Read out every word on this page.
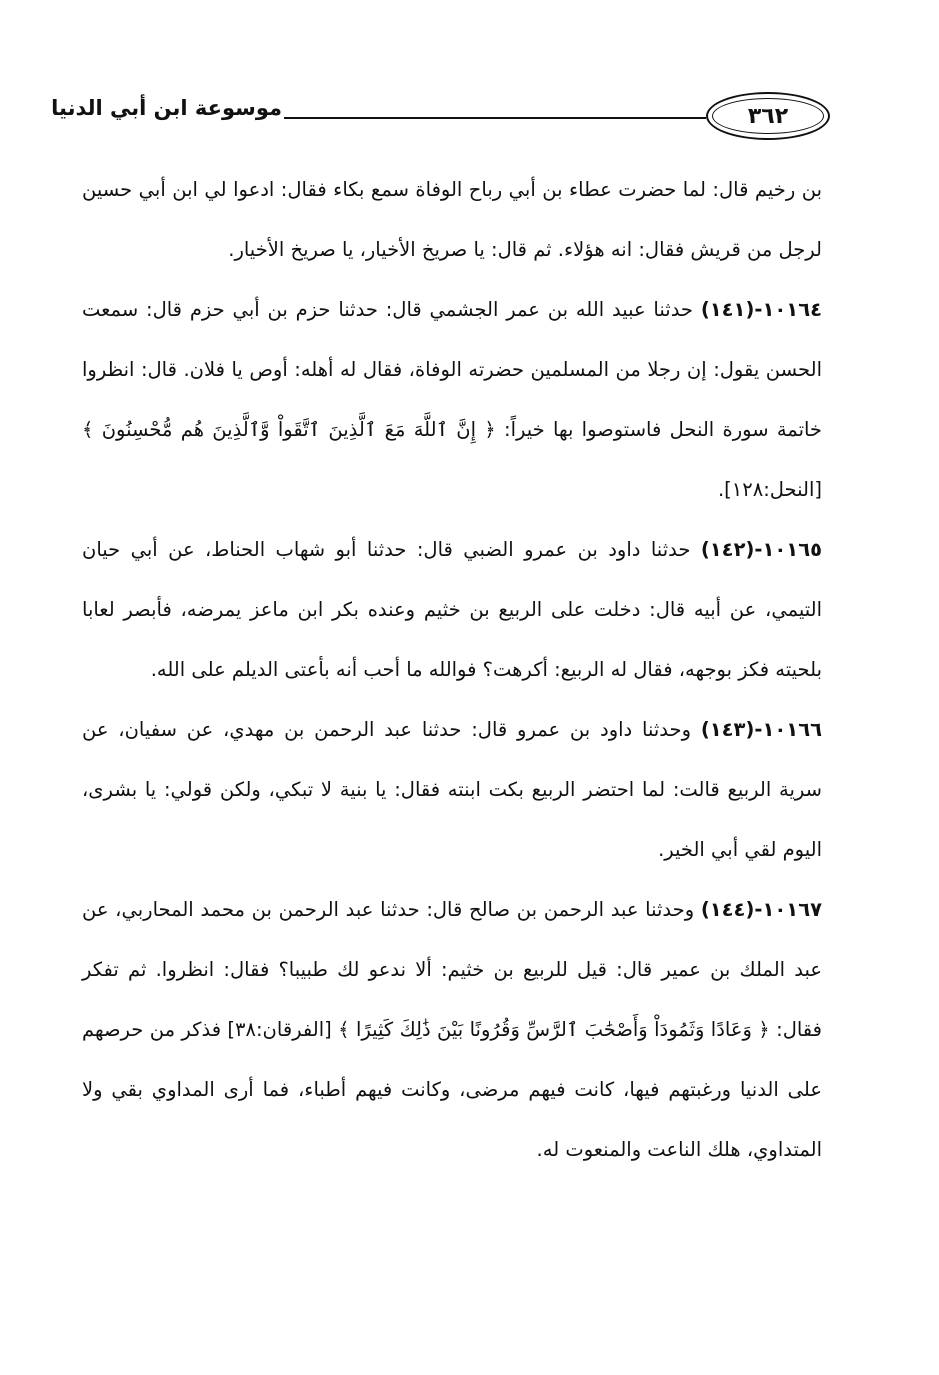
٣٦٢
موسوعة ابن أبي الدنيا

بن رخيم قال: لما حضرت عطاء بن أبي رباح الوفاة سمع بكاء فقال: ادعوا لي ابن أبي حسين لرجل من قريش فقال: انه هؤلاء. ثم قال: يا صريخ الأخيار، يا صريخ الأخيار.

١٠١٦٤-(١٤١) حدثنا عبيد الله بن عمر الجشمي قال: حدثنا حزم بن أبي حزم قال: سمعت الحسن يقول: إن رجلا من المسلمين حضرته الوفاة، فقال له أهله: أوص يا فلان. قال: انظروا خاتمة سورة النحل فاستوصوا بها خيراً: ﴿ إِنَّ ٱللَّهَ مَعَ ٱلَّذِينَ ٱتَّقَواْ وَّٱلَّذِينَ هُم مُّحْسِنُونَ ﴾ [النحل:١٢٨].

١٠١٦٥-(١٤٢) حدثنا داود بن عمرو الضبي قال: حدثنا أبو شهاب الحناط، عن أبي حيان التيمي، عن أبيه قال: دخلت على الربيع بن خثيم وعنده بكر ابن ماعز يمرضه، فأبصر لعابا بلحيته فكز بوجهه، فقال له الربيع: أكرهت؟ فوالله ما أحب أنه بأعتى الديلم على الله.

١٠١٦٦-(١٤٣) وحدثنا داود بن عمرو قال: حدثنا عبد الرحمن بن مهدي، عن سفيان، عن سرية الربيع قالت: لما احتضر الربيع بكت ابنته فقال: يا بنية لا تبكي، ولكن قولي: يا بشرى، اليوم لقي أبي الخير.

١٠١٦٧-(١٤٤) وحدثنا عبد الرحمن بن صالح قال: حدثنا عبد الرحمن بن محمد المحاربي، عن عبد الملك بن عمير قال: قيل للربيع بن خثيم: ألا ندعو لك طبيبا؟ فقال: انظروا. ثم تفكر فقال: ﴿ وَعَادًا وَثَمُودَاْ وَأَصْحَٰبَ ٱلرَّسِّ وَقُرُونًا بَيْنَ ذَٰلِكَ كَثِيرًا ﴾ [الفرقان:٣٨] فذكر من حرصهم على الدنيا ورغبتهم فيها، كانت فيهم مرضى، وكانت فيهم أطباء، فما أرى المداوي بقي ولا المتداوي، هلك الناعت والمنعوت له.
